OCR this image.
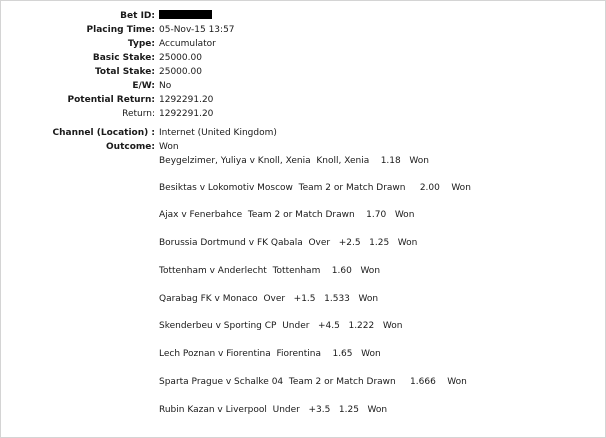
Bet ID:
Placing Time: 05-Nov-15 13:57
Type: Accumulator
Basic Stake: 25000.00
Total Stake: 25000.00
E/W: No
Potential Return: 1292291.20
Return: 1292291.20
Channel (Location) : Internet (United Kingdom)
Outcome: Won
Beygelzimer, Yuliya v Knoll, Xenia Knoll, Xenia 1.18 Won
Besiktas v Lokomotiv Moscow Team 2 or Match Drawn 2.00 Won
Ajax v Fenerbahce Team 2 or Match Drawn 1.70 Won
Borussia Dortmund v FK Qabala Over   +2.5 1.25 Won
Tottenham v Anderlecht Tottenham 1.60 Won
Qarabag FK v Monaco Over   +1.5 1.533 Won
Skenderbeu v Sporting CP Under   +4.5 1.222 Won
Lech Poznan v Fiorentina Fiorentina 1.65 Won
Sparta Prague v Schalke 04 Team 2 or Match Drawn 1.666 Won
Rubin Kazan v Liverpool Under   +3.5 1.25 Won
